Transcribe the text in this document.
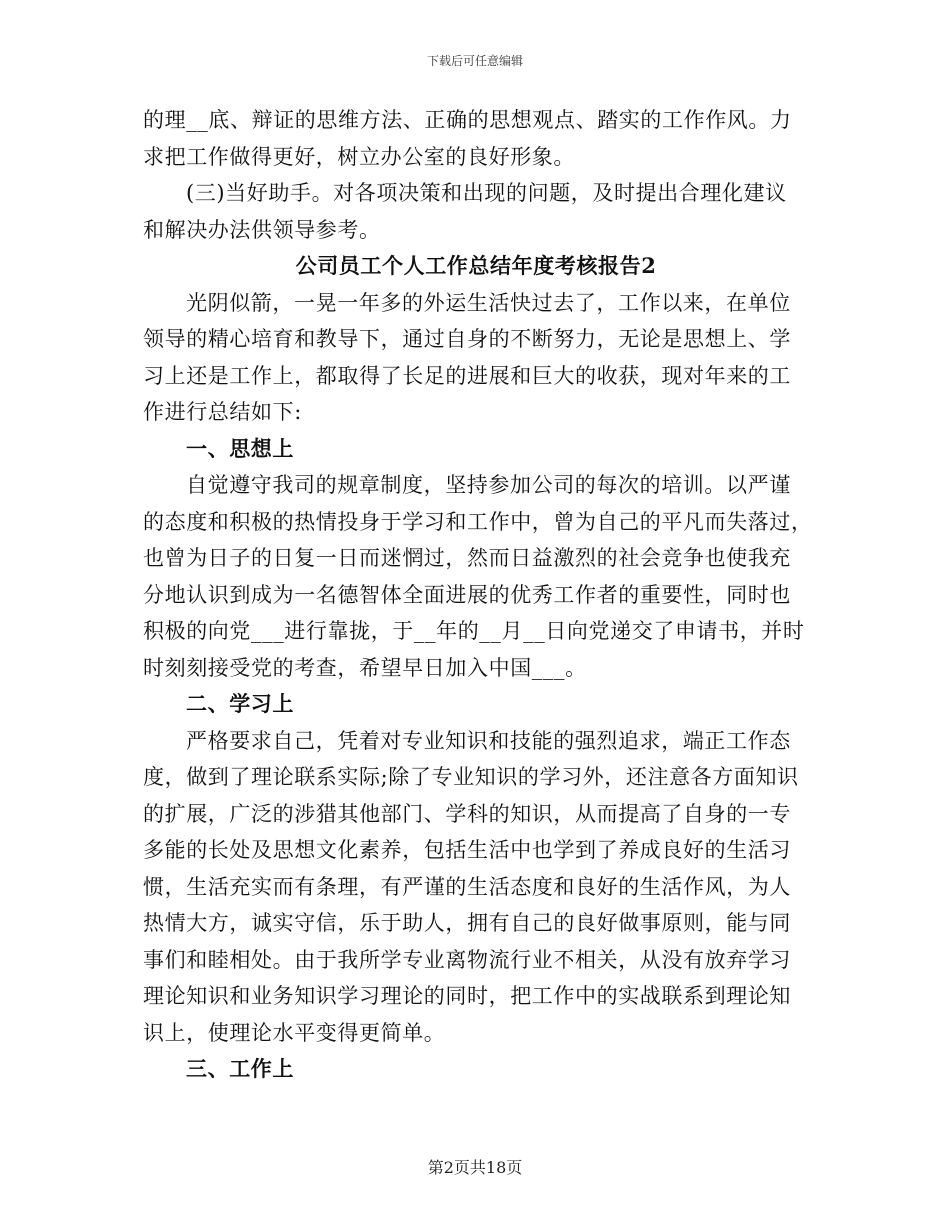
下载后可任意编辑
的理__底、辩证的思维方法、正确的思想观点、踏实的工作作风。力
求把工作做得更好，树立办公室的良好形象。
(三)当好助手。对各项决策和出现的问题，及时提出合理化建议
和解决办法供领导参考。
公司员工个人工作总结年度考核报告2
光阴似箭，一晃一年多的外运生活快过去了，工作以来，在单位
领导的精心培育和教导下，通过自身的不断努力，无论是思想上、学
习上还是工作上，都取得了长足的进展和巨大的收获，现对年来的工
作进行总结如下:
一、思想上
自觉遵守我司的规章制度，坚持参加公司的每次的培训。以严谨
的态度和积极的热情投身于学习和工作中，曾为自己的平凡而失落过，
也曾为日子的日复一日而迷惘过，然而日益激烈的社会竞争也使我充
分地认识到成为一名德智体全面进展的优秀工作者的重要性，同时也
积极的向党___进行靠拢，于__年的__月__日向党递交了申请书，并时
时刻刻接受党的考查，希望早日加入中国___。
二、学习上
严格要求自己，凭着对专业知识和技能的强烈追求，端正工作态
度，做到了理论联系实际;除了专业知识的学习外，还注意各方面知识
的扩展，广泛的涉猎其他部门、学科的知识，从而提高了自身的一专
多能的长处及思想文化素养，包括生活中也学到了养成良好的生活习
惯，生活充实而有条理，有严谨的生活态度和良好的生活作风，为人
热情大方，诚实守信，乐于助人，拥有自己的良好做事原则，能与同
事们和睦相处。由于我所学专业离物流行业不相关，从没有放弃学习
理论知识和业务知识学习理论的同时，把工作中的实战联系到理论知
识上，使理论水平变得更简单。
三、工作上
第2页共18页
